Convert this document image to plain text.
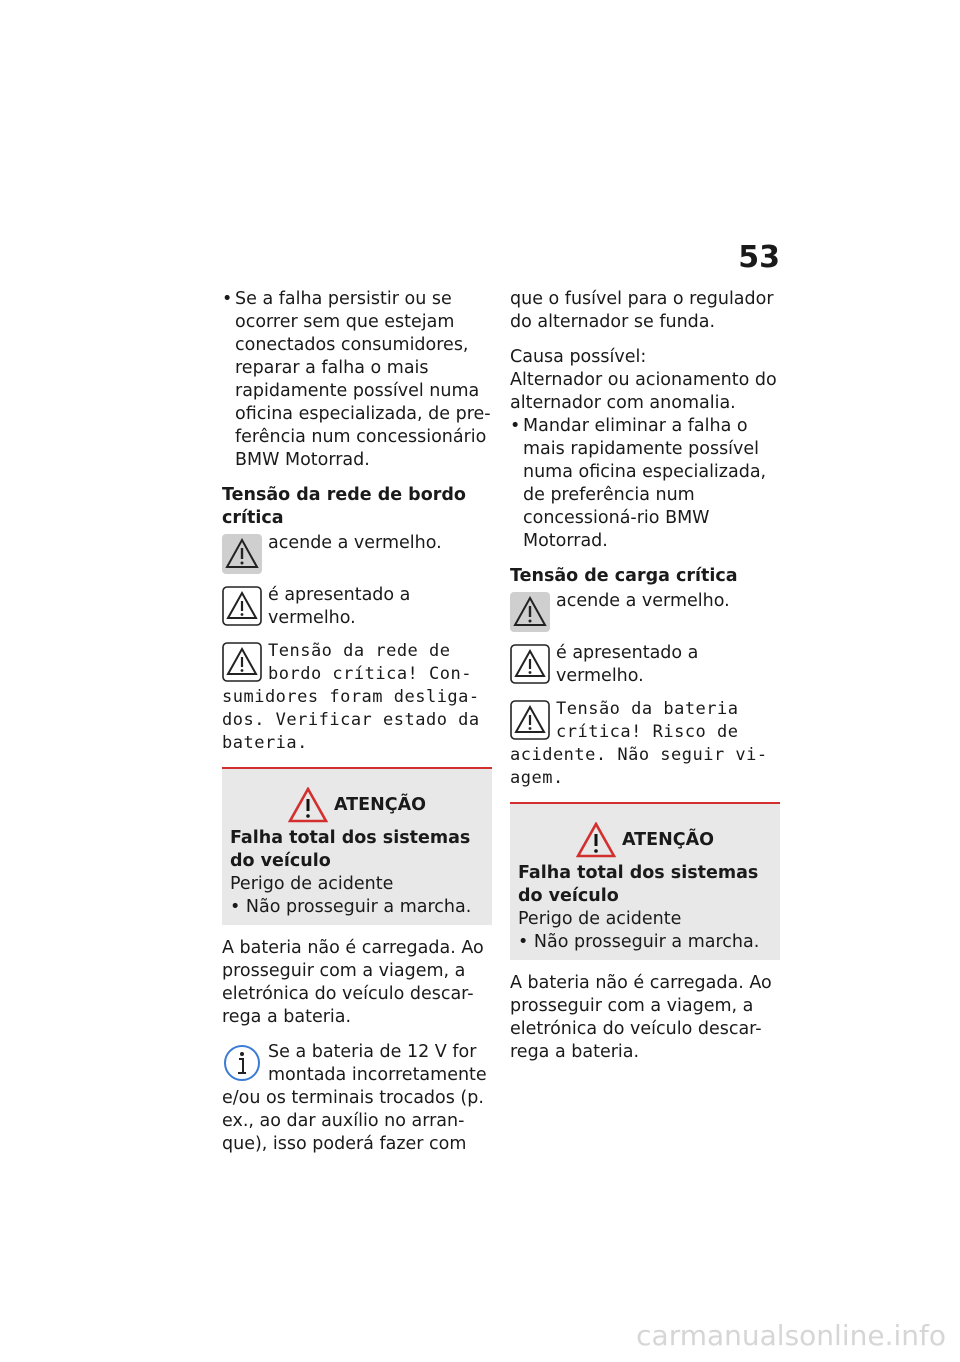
53
• Se a falha persistir ou se ocorrer sem que estejam conectados consumidores, reparar a falha o mais rapidamente possível numa oficina especializada, de pre-ferência num concessionário BMW Motorrad.
Tensão da rede de bordo crítica
acende a vermelho.
é apresentado a vermelho.
Tensão da rede de bordo crítica! Con-sumidores foram desliga-dos. Verificar estado da bateria.
ATENÇÃO
Falha total dos sistemas do veículo
Perigo de acidente
• Não prosseguir a marcha.

A bateria não é carregada. Ao prosseguir com a viagem, a eletrónica do veículo descar-rega a bateria.

Se a bateria de 12 V for montada incorretamente e/ou os terminais trocados (p. ex., ao dar auxílio no arran-que), isso poderá fazer com

que o fusível para o regulador do alternador se funda.

Causa possível:
Alternador ou acionamento do alternador com anomalia.
• Mandar eliminar a falha o mais rapidamente possível numa oficina especializada, de preferência num concessioná-rio BMW Motorrad.
Tensão de carga crítica
acende a vermelho.
é apresentado a vermelho.
Tensão da bateria crítica! Risco de acidente. Não seguir vi-agem.
ATENÇÃO
Falha total dos sistemas do veículo
Perigo de acidente
• Não prosseguir a marcha.

A bateria não é carregada. Ao prosseguir com a viagem, a eletrónica do veículo descar-rega a bateria.

carmanualsonline.info
